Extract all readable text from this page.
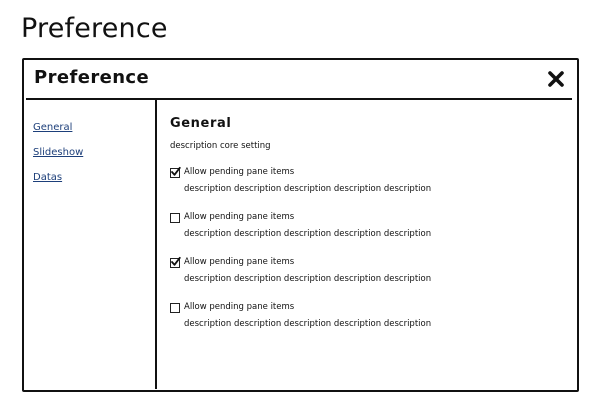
Preference
Preference
General
Slideshow
Datas
General
description core setting
Allow pending pane items
description description description description description
Allow pending pane items
description description description description description
Allow pending pane items
description description description description description
Allow pending pane items
description description description description description
